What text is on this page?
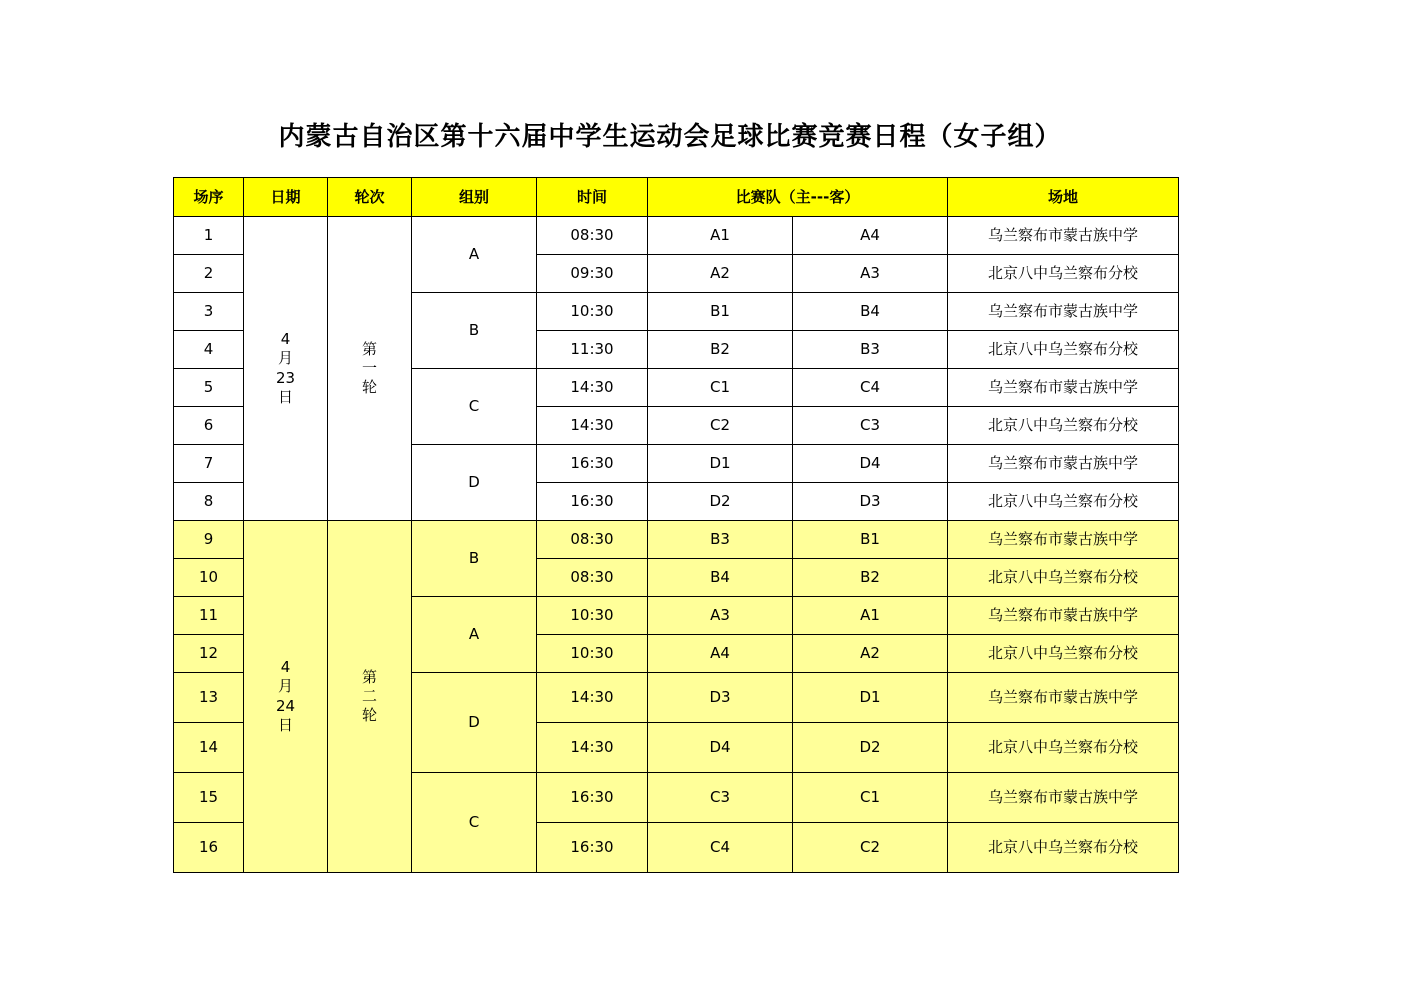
内蒙古自治区第十六届中学生运动会足球比赛竞赛日程（女子组）
场序	日期	轮次	组别	时间	比赛队（主---客）		场地
1	4
月
23
日	第
一
轮	A	08:30	A1	A4	乌兰察布市蒙古族中学
2				09:30	A2	A3	北京八中乌兰察布分校
3			B	10:30	B1	B4	乌兰察布市蒙古族中学
4				11:30	B2	B3	北京八中乌兰察布分校
5			C	14:30	C1	C4	乌兰察布市蒙古族中学
6				14:30	C2	C3	北京八中乌兰察布分校
7			D	16:30	D1	D4	乌兰察布市蒙古族中学
8				16:30	D2	D3	北京八中乌兰察布分校
9	4
月
24
日	第
二
轮	B	08:30	B3	B1	乌兰察布市蒙古族中学
10				08:30	B4	B2	北京八中乌兰察布分校
11			A	10:30	A3	A1	乌兰察布市蒙古族中学
12				10:30	A4	A2	北京八中乌兰察布分校
13			D	14:30	D3	D1	乌兰察布市蒙古族中学
14				14:30	D4	D2	北京八中乌兰察布分校
15			C	16:30	C3	C1	乌兰察布市蒙古族中学
16				16:30	C4	C2	北京八中乌兰察布分校
